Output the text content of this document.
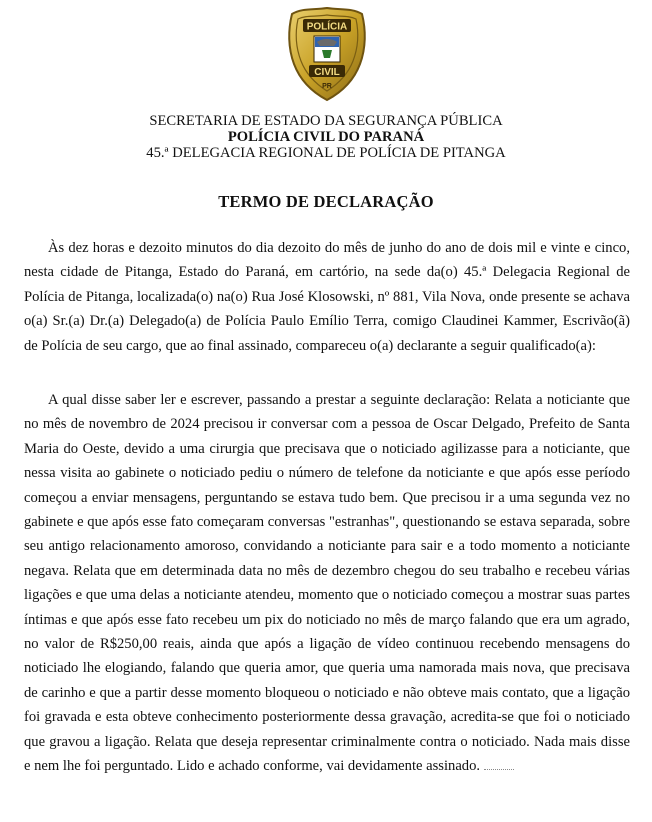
POLÍCIA
CIVIL
PR
SECRETARIA DE ESTADO DA SEGURANÇA PÚBLICA
POLÍCIA CIVIL DO PARANÁ
45.ª DELEGACIA REGIONAL DE POLÍCIA DE PITANGA
TERMO DE DECLARAÇÃO

Às dez horas e dezoito minutos do dia dezoito do mês de junho do ano de dois mil e vinte e cinco, nesta cidade de Pitanga, Estado do Paraná, em cartório, na sede da(o) 45.ª Delegacia Regional de Polícia de Pitanga, localizada(o) na(o) Rua José Klosowski, nº 881, Vila Nova, onde presente se achava o(a) Sr.(a) Dr.(a) Delegado(a) de Polícia Paulo Emílio Terra, comigo Claudinei Kammer, Escrivão(ã) de Polícia de seu cargo, que ao final assinado, compareceu o(a) declarante a seguir qualificado(a):

A qual disse saber ler e escrever, passando a prestar a seguinte declaração: Relata a noticiante que no mês de novembro de 2024 precisou ir conversar com a pessoa de Oscar Delgado, Prefeito de Santa Maria do Oeste, devido a uma cirurgia que precisava que o noticiado agilizasse para a noticiante, que nessa visita ao gabinete o noticiado pediu o número de telefone da noticiante e que após esse período começou a enviar mensagens, perguntando se estava tudo bem. Que precisou ir a uma segunda vez no gabinete e que após esse fato começaram conversas "estranhas", questionando se estava separada, sobre seu antigo relacionamento amoroso, convidando a noticiante para sair e a todo momento a noticiante negava. Relata que em determinada data no mês de dezembro chegou do seu trabalho e recebeu várias ligações e que uma delas a noticiante atendeu, momento que o noticiado começou a mostrar suas partes íntimas e que após esse fato recebeu um pix do noticiado no mês de março falando que era um agrado, no valor de R$250,00 reais, ainda que após a ligação de vídeo continuou recebendo mensagens do noticiado lhe elogiando, falando que queria amor, que queria uma namorada mais nova, que precisava de carinho e que a partir desse momento bloqueou o noticiado e não obteve mais contato, que a ligação foi gravada e esta obteve conhecimento posteriormente dessa gravação, acredita-se que foi o noticiado que gravou a ligação. Relata que deseja representar criminalmente contra o noticiado. Nada mais disse e nem lhe foi perguntado. Lido e achado conforme, vai devidamente assinado.
